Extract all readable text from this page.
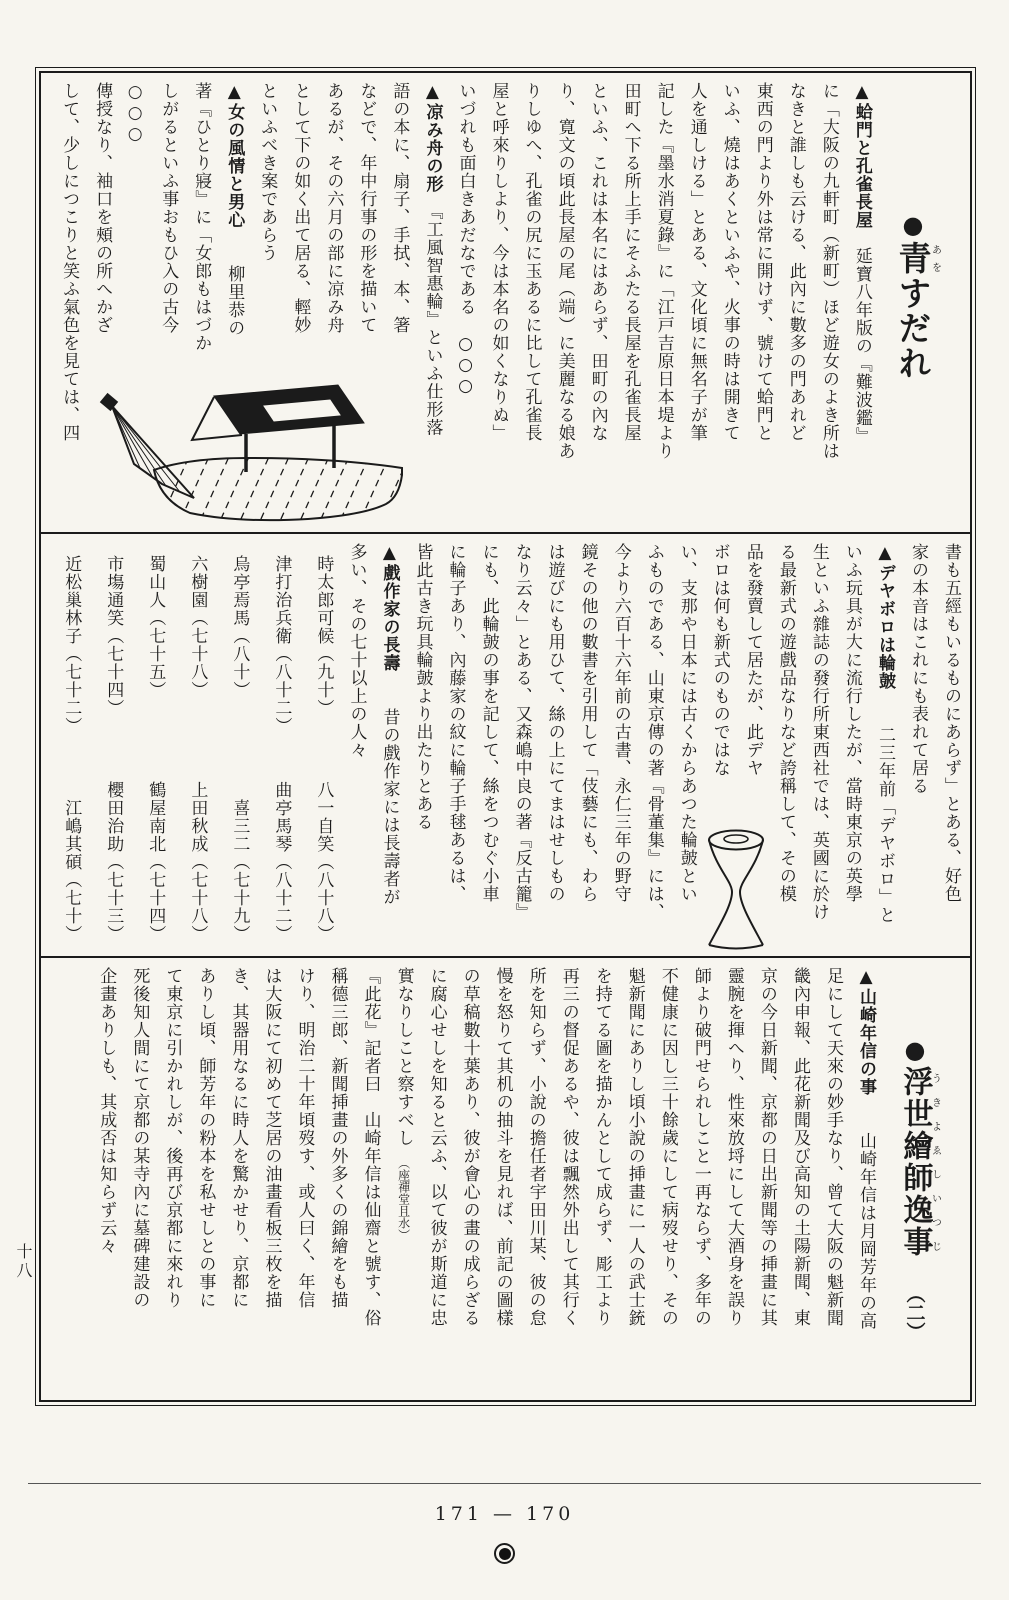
●青あをすだれ
▲蛤門と孔雀長屋　延寶八年版の『難波鑑』
に「大阪の九軒町（新町）ほど遊女のよき所は
なきと誰しも云ける、此內に數多の門あれど
東西の門より外は常に開けず、號けて蛤門と
いふ、燒はあくといふや、火事の時は開きて
人を通しける」とある、文化頃に無名子が筆
記した『墨水消夏錄』に「江戸吉原日本堤より
田町へ下る所上手にそふたる長屋を孔雀長屋
といふ、これは本名にはあらず、田町の內な
り、寛文の頃此長屋の尾（端）に美麗なる娘あ
りしゆへ、孔雀の尻に玉あるに比して孔雀長
屋と呼來りしより、今は本名の如くなりぬ」
いづれも面白きあだなである　○○○
▲凉み舟の形　『工風智惠輪』といふ仕形落
語の本に、扇子、手拭、本、箸
などで、年中行事の形を描いて
あるが、その六月の部に凉み舟
として下の如く出て居る、輕妙
といふべき案であらう
▲女の風情と男心　　柳里恭の
著『ひとり寢』に「女郎もはづか
しがるといふ事おもひ入の古今
○○○
傳授なり、袖口を頰の所へかざ
して、少しにつこりと笑ふ氣色を見ては、四
書も五經もいるものにあらず」とある、好色
家の本音はこれにも表れて居る
▲デヤボロは輪皷　　二三年前「デヤボロ」と
いふ玩具が大に流行したが、當時東京の英學
生といふ雜誌の發行所東西社では、英國に於け
る最新式の遊戲品なりなど誇稱して、その模
品を發賣して居たが、此デヤ
ボロは何も新式のものではな
い、支那や日本には古くからあつた輪皷とい
ふものである、山東京傳の著『骨董集』には、
今より六百十六年前の古書、永仁三年の野守
鏡その他の數書を引用して「伎藝にも、わら
は遊びにも用ひて、絲の上にてまはせしもの
なり云々」とある、又森嶋中良の著『反古籠』
にも、此輪皷の事を記して、絲をつむぐ小車
に輪子あり、內藤家の紋に輪子手毬あるは、
皆此古き玩具輪皷より出たりとある
▲戲作家の長壽　　昔の戲作家には長壽者が
多い、その七十以上の人々
時太郎可候（九十）
八一自笑（八十八）
津打治兵衛（八十二）
曲亭馬琴（八十二）
烏亭焉馬（八十）
喜三二（七十九）
六樹園（七十八）
上田秋成（七十八）
蜀山人（七十五）
鶴屋南北（七十四）
市塲通笑（七十四）
櫻田治助（七十三）
近松巢林子（七十二）
江嶋其碩（七十）
●浮世繪師逸事うきよゑしいつじ（二）
▲山崎年信の事　　山崎年信は月岡芳年の高
足にして天來の妙手なり、曾て大阪の魁新聞
畿內申報、此花新聞及び高知の土陽新聞、東
京の今日新聞、京都の日出新聞等の挿畫に其
靈腕を揮へり、性來放埒にして大酒身を誤り
師より破門せられしこと一再ならず、多年の
不健康に因し三十餘歲にして病歿せり、その
魁新聞にありし頃小說の挿畫に一人の武士銃
を持てる圖を描かんとして成らず、彫工より
再三の督促あるや、彼は飄然外出して其行く
所を知らず、小說の擔任者宇田川某、彼の怠
慢を怒りて其机の抽斗を見れば、前記の圖樣
の草稿數十葉あり、彼が會心の畫の成らざる
に腐心せしを知ると云ふ、以て彼が斯道に忠
實なりしこと察すべし（座禪堂且水）
『此花』記者曰　山崎年信は仙齋と號す、俗
稱德三郎、新聞挿畫の外多くの錦繪をも描
けり、明治二十年頃歿す、或人曰く、年信
は大阪にて初めて芝居の油畫看板三枚を描
き、其器用なるに時人を驚かせり、京都に
ありし頃、師芳年の粉本を私せしとの事に
て東京に引かれしが、後再び京都に來れり
死後知人間にて京都の某寺內に墓碑建設の
企畫ありしも、其成否は知らず云々
十八
171 — 170
